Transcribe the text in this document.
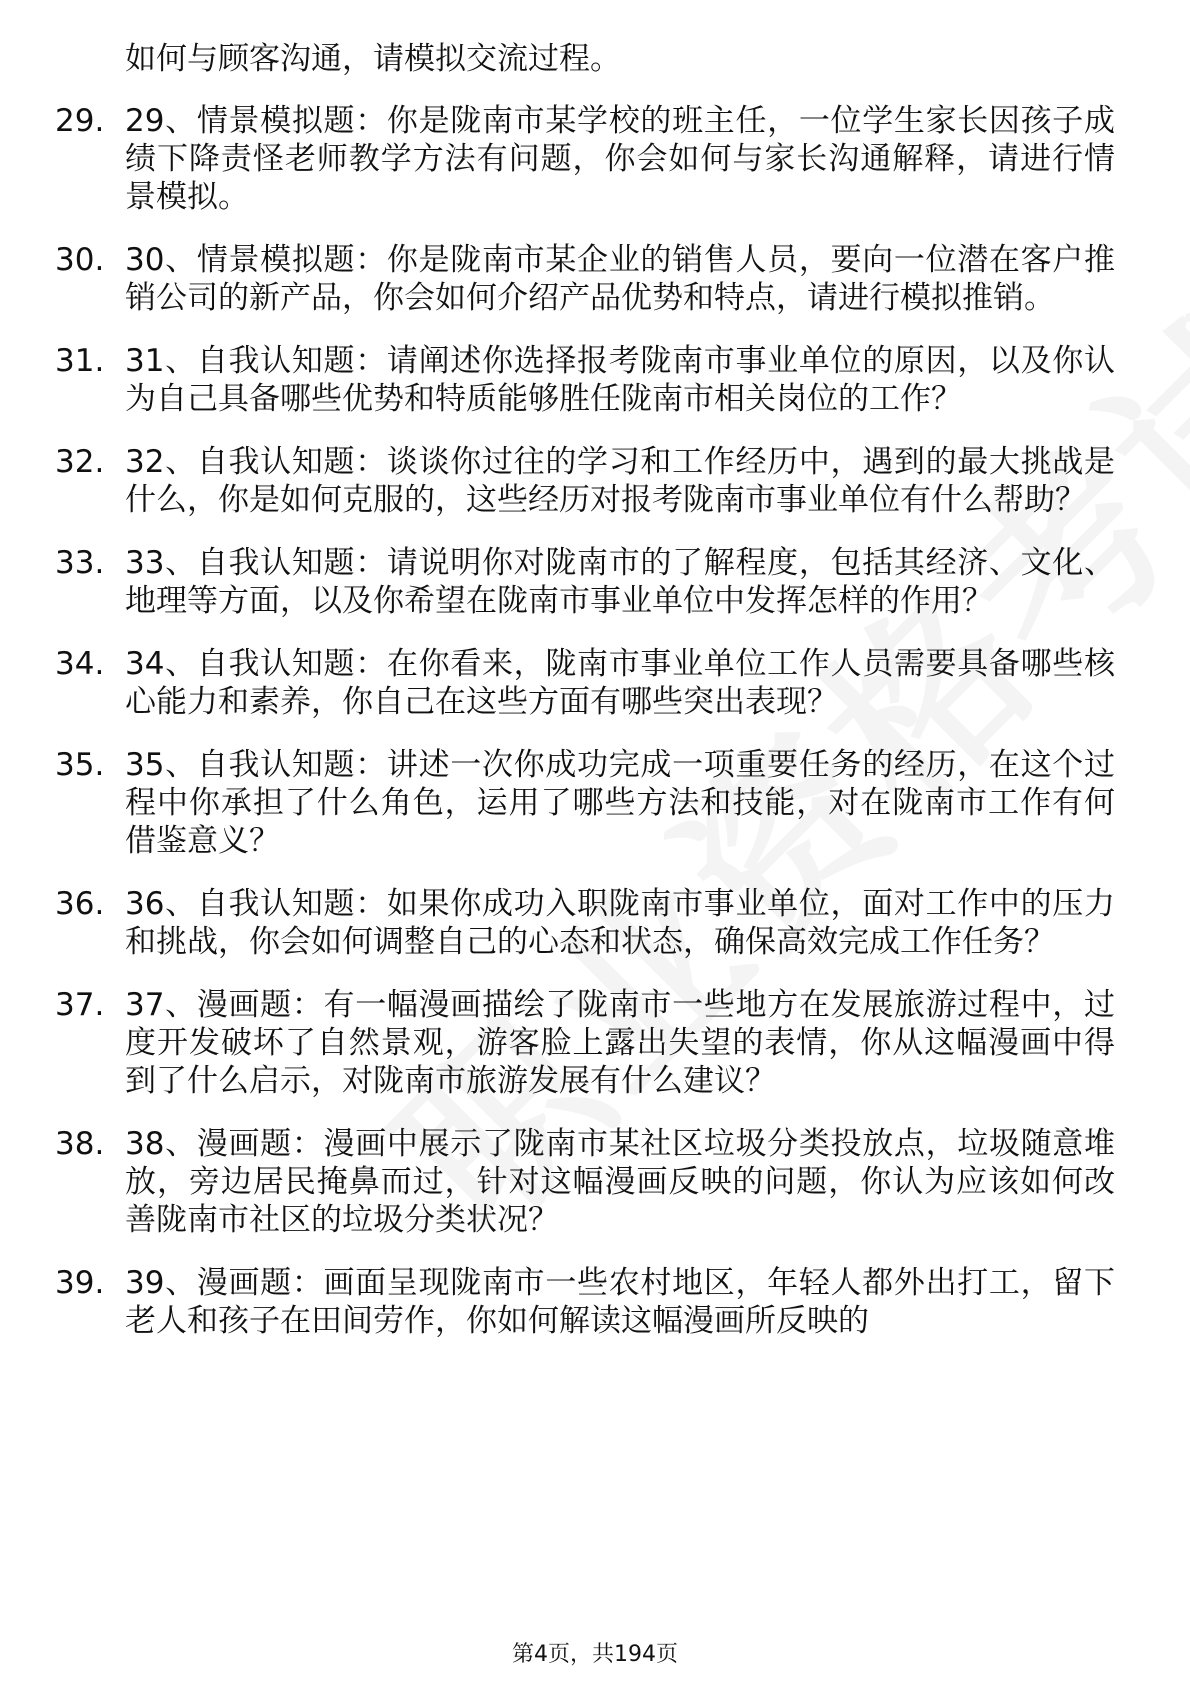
如何与顾客沟通，请模拟交流过程。
29. 29、情景模拟题：你是陇南市某学校的班主任，一位学生家长因孩子成绩下降责怪老师教学方法有问题，你会如何与家长沟通解释，请进行情景模拟。
30. 30、情景模拟题：你是陇南市某企业的销售人员，要向一位潜在客户推销公司的新产品，你会如何介绍产品优势和特点，请进行模拟推销。
31. 31、自我认知题：请阐述你选择报考陇南市事业单位的原因，以及你认为自己具备哪些优势和特质能够胜任陇南市相关岗位的工作？
32. 32、自我认知题：谈谈你过往的学习和工作经历中，遇到的最大挑战是什么，你是如何克服的，这些经历对报考陇南市事业单位有什么帮助？
33. 33、自我认知题：请说明你对陇南市的了解程度，包括其经济、文化、地理等方面，以及你希望在陇南市事业单位中发挥怎样的作用？
34. 34、自我认知题：在你看来，陇南市事业单位工作人员需要具备哪些核心能力和素养，你自己在这些方面有哪些突出表现？
35. 35、自我认知题：讲述一次你成功完成一项重要任务的经历，在这个过程中你承担了什么角色，运用了哪些方法和技能，对在陇南市工作有何借鉴意义？
36. 36、自我认知题：如果你成功入职陇南市事业单位，面对工作中的压力和挑战，你会如何调整自己的心态和状态，确保高效完成工作任务？
37. 37、漫画题：有一幅漫画描绘了陇南市一些地方在发展旅游过程中，过度开发破坏了自然景观，游客脸上露出失望的表情，你从这幅漫画中得到了什么启示，对陇南市旅游发展有什么建议？
38. 38、漫画题：漫画中展示了陇南市某社区垃圾分类投放点，垃圾随意堆放，旁边居民掩鼻而过，针对这幅漫画反映的问题，你认为应该如何改善陇南市社区的垃圾分类状况？
39. 39、漫画题：画面呈现陇南市一些农村地区，年轻人都外出打工，留下老人和孩子在田间劳作，你如何解读这幅漫画所反映的
第4页，共194页
